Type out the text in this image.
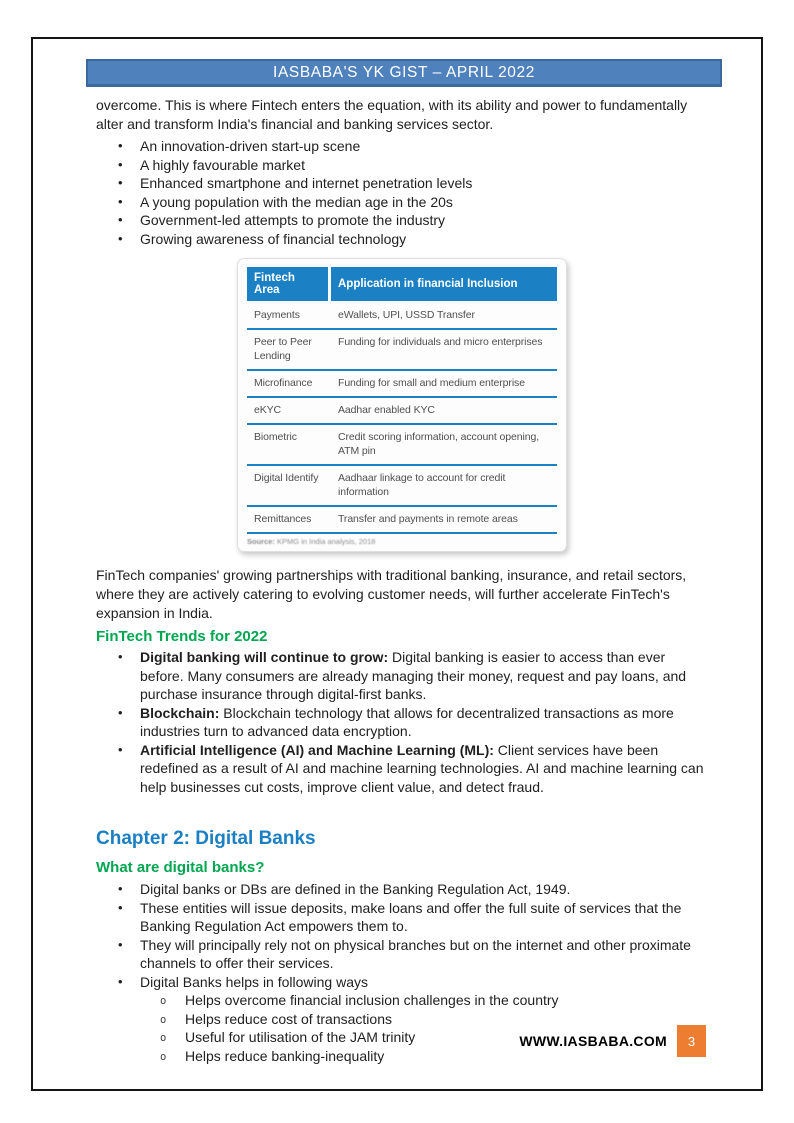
IASBABA'S YK GIST – APRIL 2022

overcome. This is where Fintech enters the equation, with its ability and power to fundamentally alter and transform India's financial and banking services sector.

• An innovation-driven start-up scene
• A highly favourable market
• Enhanced smartphone and internet penetration levels
• A young population with the median age in the 20s
• Government-led attempts to promote the industry
• Growing awareness of financial technology
Fintech Area	Application in financial Inclusion
Payments	eWallets, UPI, USSD Transfer
Peer to Peer Lending	Funding for individuals and micro enterprises
Microfinance	Funding for small and medium enterprise
eKYC	Aadhar enabled KYC
Biometric	Credit scoring information, account opening, ATM pin
Digital Identify	Aadhaar linkage to account for credit information
Remittances	Transfer and payments in remote areas
Source: KPMG in India analysis, 2018

FinTech companies' growing partnerships with traditional banking, insurance, and retail sectors, where they are actively catering to evolving customer needs, will further accelerate FinTech's expansion in India.

FinTech Trends for 2022
• Digital banking will continue to grow: Digital banking is easier to access than ever before. Many consumers are already managing their money, request and pay loans, and purchase insurance through digital-first banks.
• Blockchain: Blockchain technology that allows for decentralized transactions as more industries turn to advanced data encryption.
• Artificial Intelligence (AI) and Machine Learning (ML): Client services have been redefined as a result of AI and machine learning technologies. AI and machine learning can help businesses cut costs, improve client value, and detect fraud.
Chapter 2: Digital Banks
What are digital banks?
• Digital banks or DBs are defined in the Banking Regulation Act, 1949.
• These entities will issue deposits, make loans and offer the full suite of services that the Banking Regulation Act empowers them to.
• They will principally rely not on physical branches but on the internet and other proximate channels to offer their services.
• Digital Banks helps in following ways
o Helps overcome financial inclusion challenges in the country
o Helps reduce cost of transactions
o Useful for utilisation of the JAM trinity
o Helps reduce banking-inequality
WWW.IASBABA.COM	3
